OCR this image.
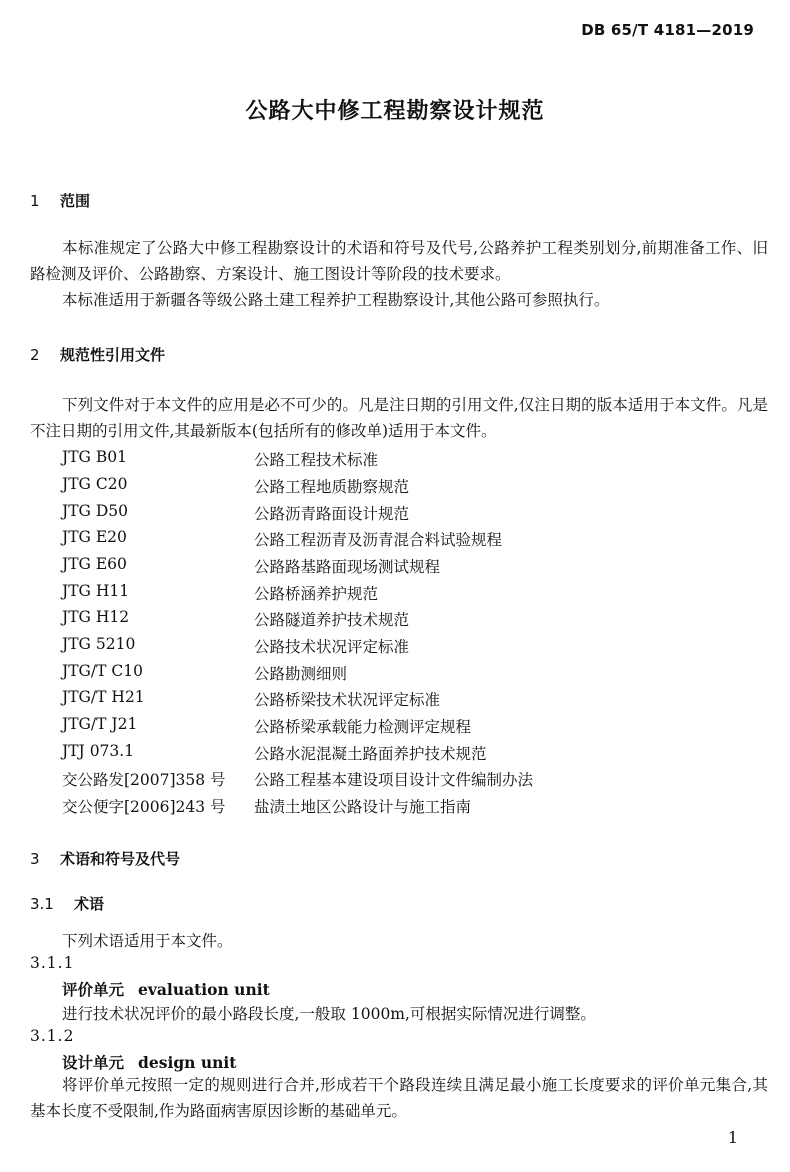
DB 65/T 4181—2019
公路大中修工程勘察设计规范
1 范围
本标准规定了公路大中修工程勘察设计的术语和符号及代号,公路养护工程类别划分,前期准备工作、旧路检测及评价、公路勘察、方案设计、施工图设计等阶段的技术要求。
本标准适用于新疆各等级公路土建工程养护工程勘察设计,其他公路可参照执行。
2 规范性引用文件
下列文件对于本文件的应用是必不可少的。凡是注日期的引用文件,仅注日期的版本适用于本文件。凡是不注日期的引用文件,其最新版本(包括所有的修改单)适用于本文件。
JTG B01	公路工程技术标准
JTG C20	公路工程地质勘察规范
JTG D50	公路沥青路面设计规范
JTG E20	公路工程沥青及沥青混合料试验规程
JTG E60	公路路基路面现场测试规程
JTG H11	公路桥涵养护规范
JTG H12	公路隧道养护技术规范
JTG 5210	公路技术状况评定标准
JTG/T C10	公路勘测细则
JTG/T H21	公路桥梁技术状况评定标准
JTG/T J21	公路桥梁承载能力检测评定规程
JTJ 073.1	公路水泥混凝土路面养护技术规范
交公路发[2007]358 号 公路工程基本建设项目设计文件编制办法
交公便字[2006]243 号 盐渍土地区公路设计与施工指南
3 术语和符号及代号
3.1 术语
下列术语适用于本文件。
3.1.1
评价单元 evaluation unit
进行技术状况评价的最小路段长度,一般取 1000m,可根据实际情况进行调整。
3.1.2
设计单元 design unit
将评价单元按照一定的规则进行合并,形成若干个路段连续且满足最小施工长度要求的评价单元集合,其基本长度不受限制,作为路面病害原因诊断的基础单元。
1
